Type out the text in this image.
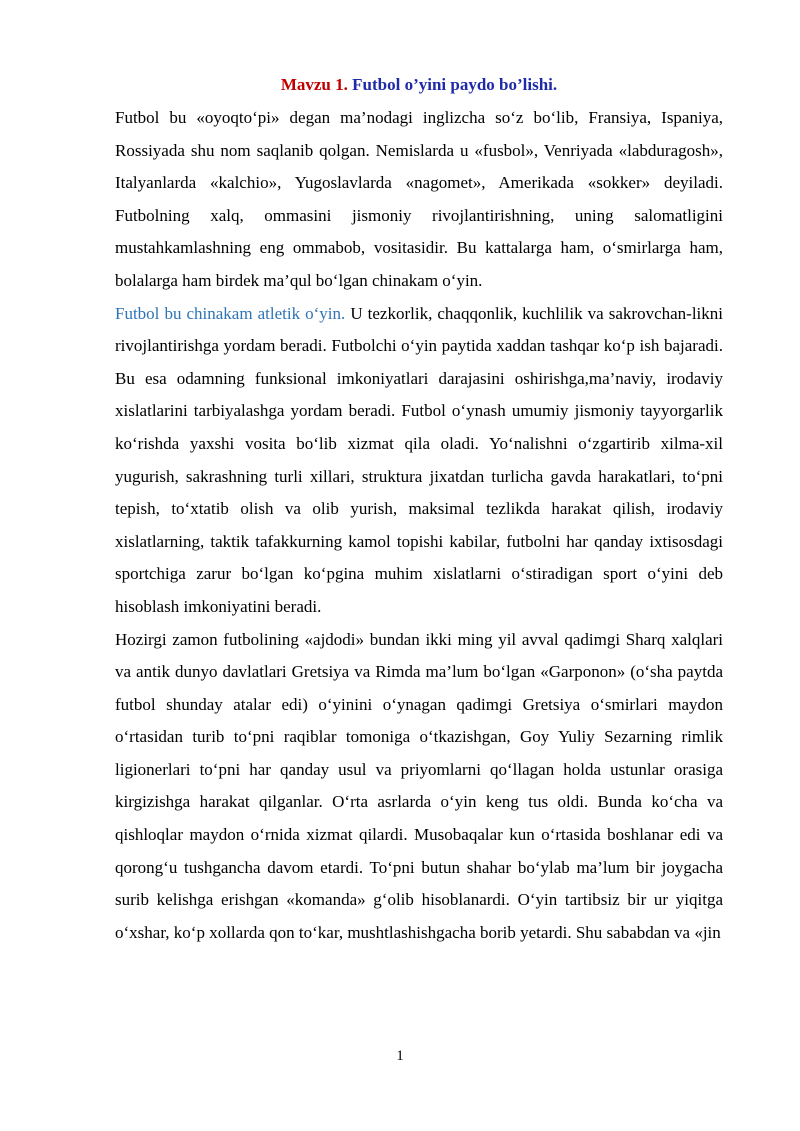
Mavzu 1. Futbol o’yini paydo bo’lishi.

Futbol bu «oyoqto‘pi» degan ma’nodagi inglizcha so‘z bo‘lib, Fransiya, Ispaniya, Rossiyada shu nom saqlanib qolgan. Nemislarda u «fusbol», Venriyada «labduragosh», Italyanlarda «kalchio», Yugoslavlarda «nagomet», Amerikada «sokker» deyiladi. Futbolning xalq, ommasini jismoniy rivojlantirishning, uning salomatligini mustahkamlashning eng ommabob, vositasidir. Bu kattalarga ham, o‘smirlarga ham, bolalarga ham birdek ma’qul bo‘lgan chinakam o‘yin.

Futbol bu chinakam atletik o‘yin. U tezkorlik, chaqqonlik, kuchlilik va sakrovchan-likni rivojlantirishga yordam beradi. Futbolchi o‘yin paytida xaddan tashqar ko‘p ish bajaradi. Bu esa odamning funksional imkoniyatlari darajasini oshirishga,ma’naviy, irodaviy xislatlarini tarbiyalashga yordam beradi. Futbol o‘ynash umumiy jismoniy tayyorgarlik ko‘rishda yaxshi vosita bo‘lib xizmat qila oladi. Yo‘nalishni o‘zgartirib xilma-xil yugurish, sakrashning turli xillari, struktura jixatdan turlicha gavda harakatlari, to‘pni tepish, to‘xtatib olish va olib yurish, maksimal tezlikda harakat qilish, irodaviy xislatlarning, taktik tafakkurning kamol topishi kabilar, futbolni har qanday ixtisosdagi sportchiga zarur bo‘lgan ko‘pgina muhim xislatlarni o‘stiradigan sport o‘yini deb hisoblash imkoniyatini beradi.

Hozirgi zamon futbolining «ajdodi» bundan ikki ming yil avval qadimgi Sharq xalqlari va antik dunyo davlatlari Gretsiya va Rimda ma’lum bo‘lgan «Garponon» (o‘sha paytda futbol shunday atalar edi) o‘yinini o‘ynagan qadimgi Gretsiya o‘smirlari maydon o‘rtasidan turib to‘pni raqiblar tomoniga o‘tkazishgan, Goy Yuliy Sezarning rimlik ligionerlari to‘pni har qanday usul va priyomlarni qo‘llagan holda ustunlar orasiga kirgizishga harakat qilganlar. O‘rta asrlarda o‘yin keng tus oldi. Bunda ko‘cha va qishloqlar maydon o‘rnida xizmat qilardi. Musobaqalar kun o‘rtasida boshlanar edi va qorong‘u tushgancha davom etardi. To‘pni butun shahar bo‘ylab ma’lum bir joygacha surib kelishga erishgan «komanda» g‘olib hisoblanardi. O‘yin tartibsiz bir ur yiqitga o‘xshar, ko‘p xollarda qon to‘kar, mushtlashishgacha borib yetardi. Shu sababdan va «jin

1
